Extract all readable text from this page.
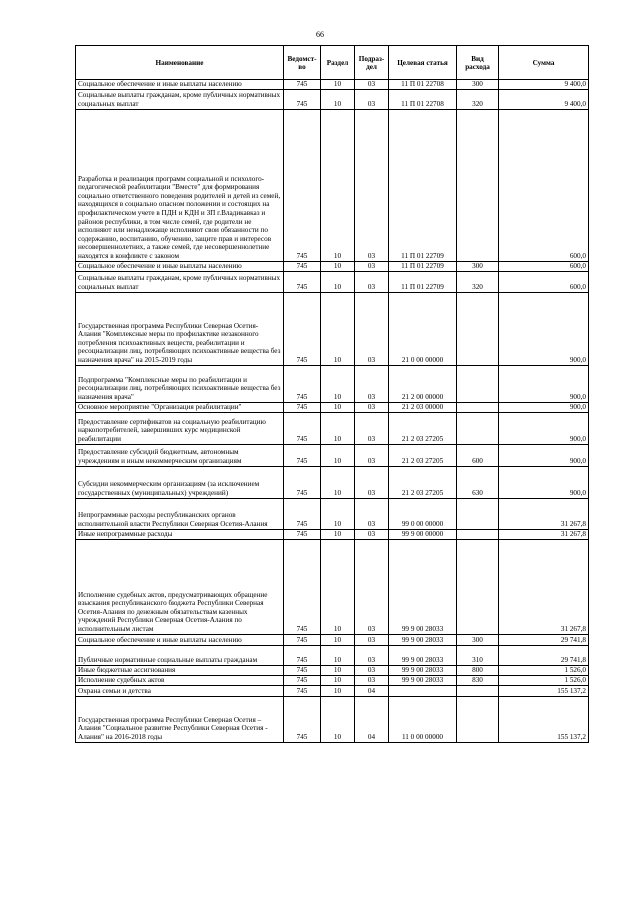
66
Наименование	Ведомст-во	Раздел	Подраз-дел	Целевая статья	Вид расхода	Сумма
Социальное обеспечение и иные выплаты населению	745	10	03	11 П 01 22708	300	9 400,0
Социальные выплаты гражданам, кроме публичных нормативных социальных выплат	745	10	03	11 П 01 22708	320	9 400,0
Разработка и реализация программ социальной и психолого-педагогической реабилитации "Вместе" для формирования социально ответственного поведения родителей и детей из семей, находящихся в социально опасном положении и состоящих на профилактическом учете в ПДН и КДН и ЗП г.Владикавказ и районов республики, в том числе семей, где родители не исполняют или ненадлежаще исполняют свои обязанности по содержанию, воспитанию, обучению, защите прав и интересов несовершеннолетних, а также семей, где несовершеннолетние находятся в конфликте с законом	745	10	03	11 П 01 22709		600,0
Социальное обеспечение и иные выплаты населению	745	10	03	11 П 01 22709	300	600,0
Социальные выплаты гражданам, кроме публичных нормативных социальных выплат	745	10	03	11 П 01 22709	320	600,0
Государственная программа Республики Северная Осетия-Алания "Комплексные меры по профилактике незаконного потребления психоактивных веществ, реабилитации и ресоциализации лиц, потребляющих психоактивные вещества без назначения врача" на 2015-2019 годы	745	10	03	21 0 00 00000		900,0
Подпрограмма "Комплексные меры по реабилитации и ресоциализации лиц, потребляющих психоактивные вещества без назначения врача"	745	10	03	21 2 00 00000		900,0
Основное мероприятие "Организация реабилитации"	745	10	03	21 2 03 00000		900,0
Предоставление сертификатов на социальную реабилитацию наркопотребителей, завершивших курс медицинской реабилитации	745	10	03	21 2 03 27205		900,0
Предоставление субсидий бюджетным, автономным учреждениям и иным некоммерческим организациям	745	10	03	21 2 03 27205	600	900,0
Субсидии некоммерческим организациям (за исключением государственных (муниципальных) учреждений)	745	10	03	21 2 03 27205	630	900,0
Непрограммные расходы республиканских органов исполнительной власти Республики Северная Осетия-Алания	745	10	03	99 0 00 00000		31 267,8
Иные непрограммные расходы	745	10	03	99 9 00 00000		31 267,8
Исполнение судебных актов, предусматривающих обращение взыскания республиканского бюджета Республики Северная Осетия-Алания по денежным обязательствам казенных учреждений Республики Северная Осетия-Алания по исполнительным листам	745	10	03	99 9 00 28033		31 267,8
Социальное обеспечение и иные выплаты населению	745	10	03	99 9 00 28033	300	29 741,8
Публичные нормативные социальные выплаты гражданам	745	10	03	99 9 00 28033	310	29 741,8
Иные бюджетные ассигнования	745	10	03	99 9 00 28033	800	1 526,0
Исполнение судебных актов	745	10	03	99 9 00 28033	830	1 526,0
Охрана семьи и детства	745	10	04			155 137,2
Государственная программа Республики Северная Осетия – Алания "Социальное развитие Республики Северная Осетия - Алания" на 2016-2018 годы	745	10	04	11 0 00 00000		155 137,2
